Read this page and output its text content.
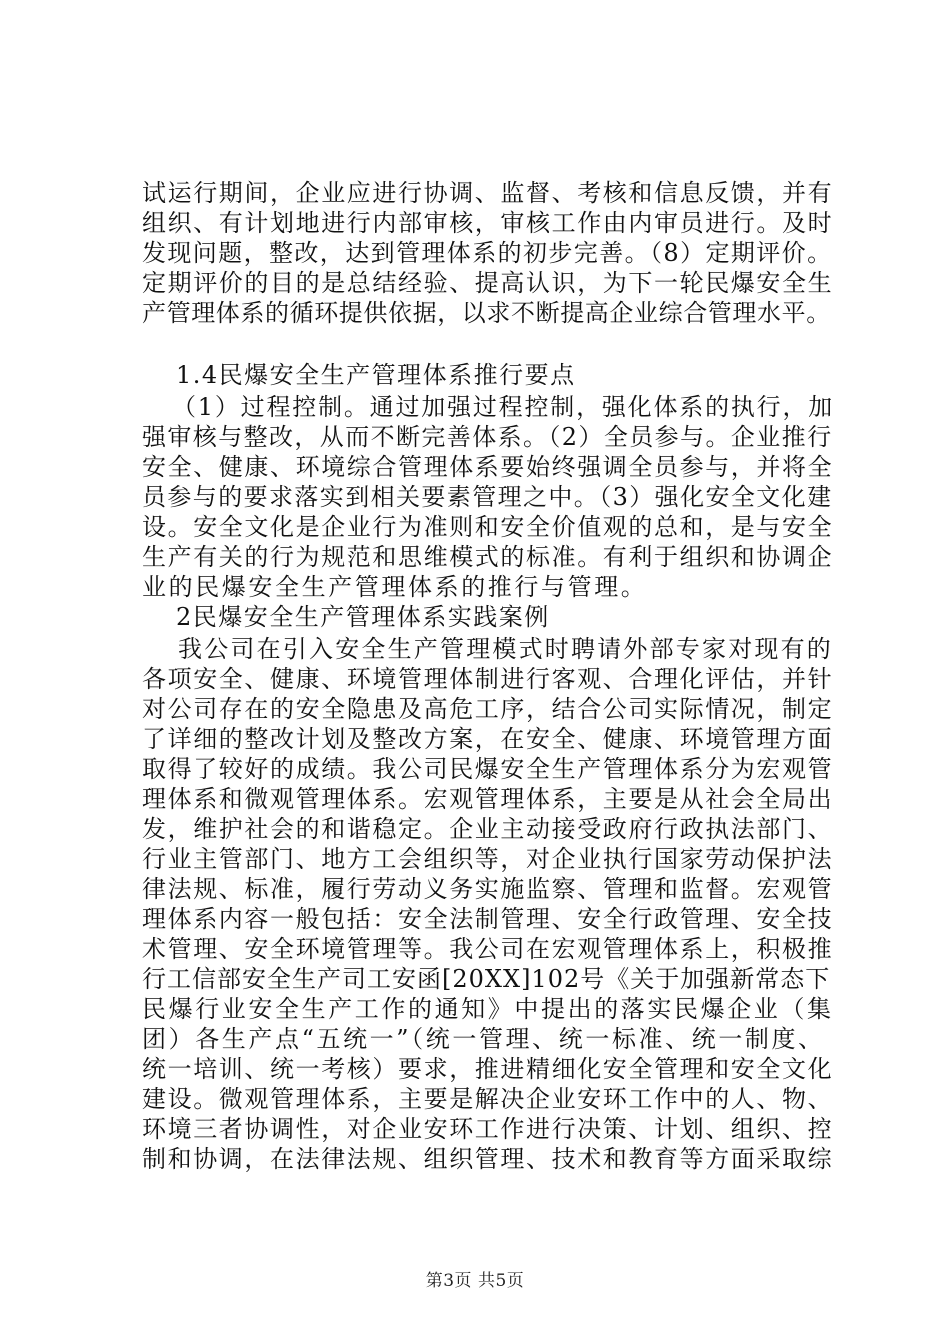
试运行期间，企业应进行协调、监督、考核和信息反馈，并有
组织、有计划地进行内部审核，审核工作由内审员进行。及时
发现问题，整改，达到管理体系的初步完善。（8）定期评价。
定期评价的目的是总结经验、提高认识，为下一轮民爆安全生
产管理体系的循环提供依据，以求不断提高企业综合管理水平。
1.4民爆安全生产管理体系推行要点
（1）过程控制。通过加强过程控制，强化体系的执行，加
强审核与整改，从而不断完善体系。（2）全员参与。企业推行
安全、健康、环境综合管理体系要始终强调全员参与，并将全
员参与的要求落实到相关要素管理之中。（3）强化安全文化建
设。安全文化是企业行为准则和安全价值观的总和，是与安全
生产有关的行为规范和思维模式的标准。有利于组织和协调企
业的民爆安全生产管理体系的推行与管理。
2民爆安全生产管理体系实践案例
我公司在引入安全生产管理模式时聘请外部专家对现有的
各项安全、健康、环境管理体制进行客观、合理化评估，并针
对公司存在的安全隐患及高危工序，结合公司实际情况，制定
了详细的整改计划及整改方案，在安全、健康、环境管理方面
取得了较好的成绩。我公司民爆安全生产管理体系分为宏观管
理体系和微观管理体系。宏观管理体系，主要是从社会全局出
发，维护社会的和谐稳定。企业主动接受政府行政执法部门、
行业主管部门、地方工会组织等，对企业执行国家劳动保护法
律法规、标准，履行劳动义务实施监察、管理和监督。宏观管
理体系内容一般包括：安全法制管理、安全行政管理、安全技
术管理、安全环境管理等。我公司在宏观管理体系上，积极推
行工信部安全生产司工安函[20XX]102号《关于加强新常态下
民爆行业安全生产工作的通知》中提出的落实民爆企业（集
团）各生产点“五统一”（统一管理、统一标准、统一制度、
统一培训、统一考核）要求，推进精细化安全管理和安全文化
建设。微观管理体系，主要是解决企业安环工作中的人、物、
环境三者协调性，对企业安环工作进行决策、计划、组织、控
制和协调，在法律法规、组织管理、技术和教育等方面采取综
第3页 共5页
